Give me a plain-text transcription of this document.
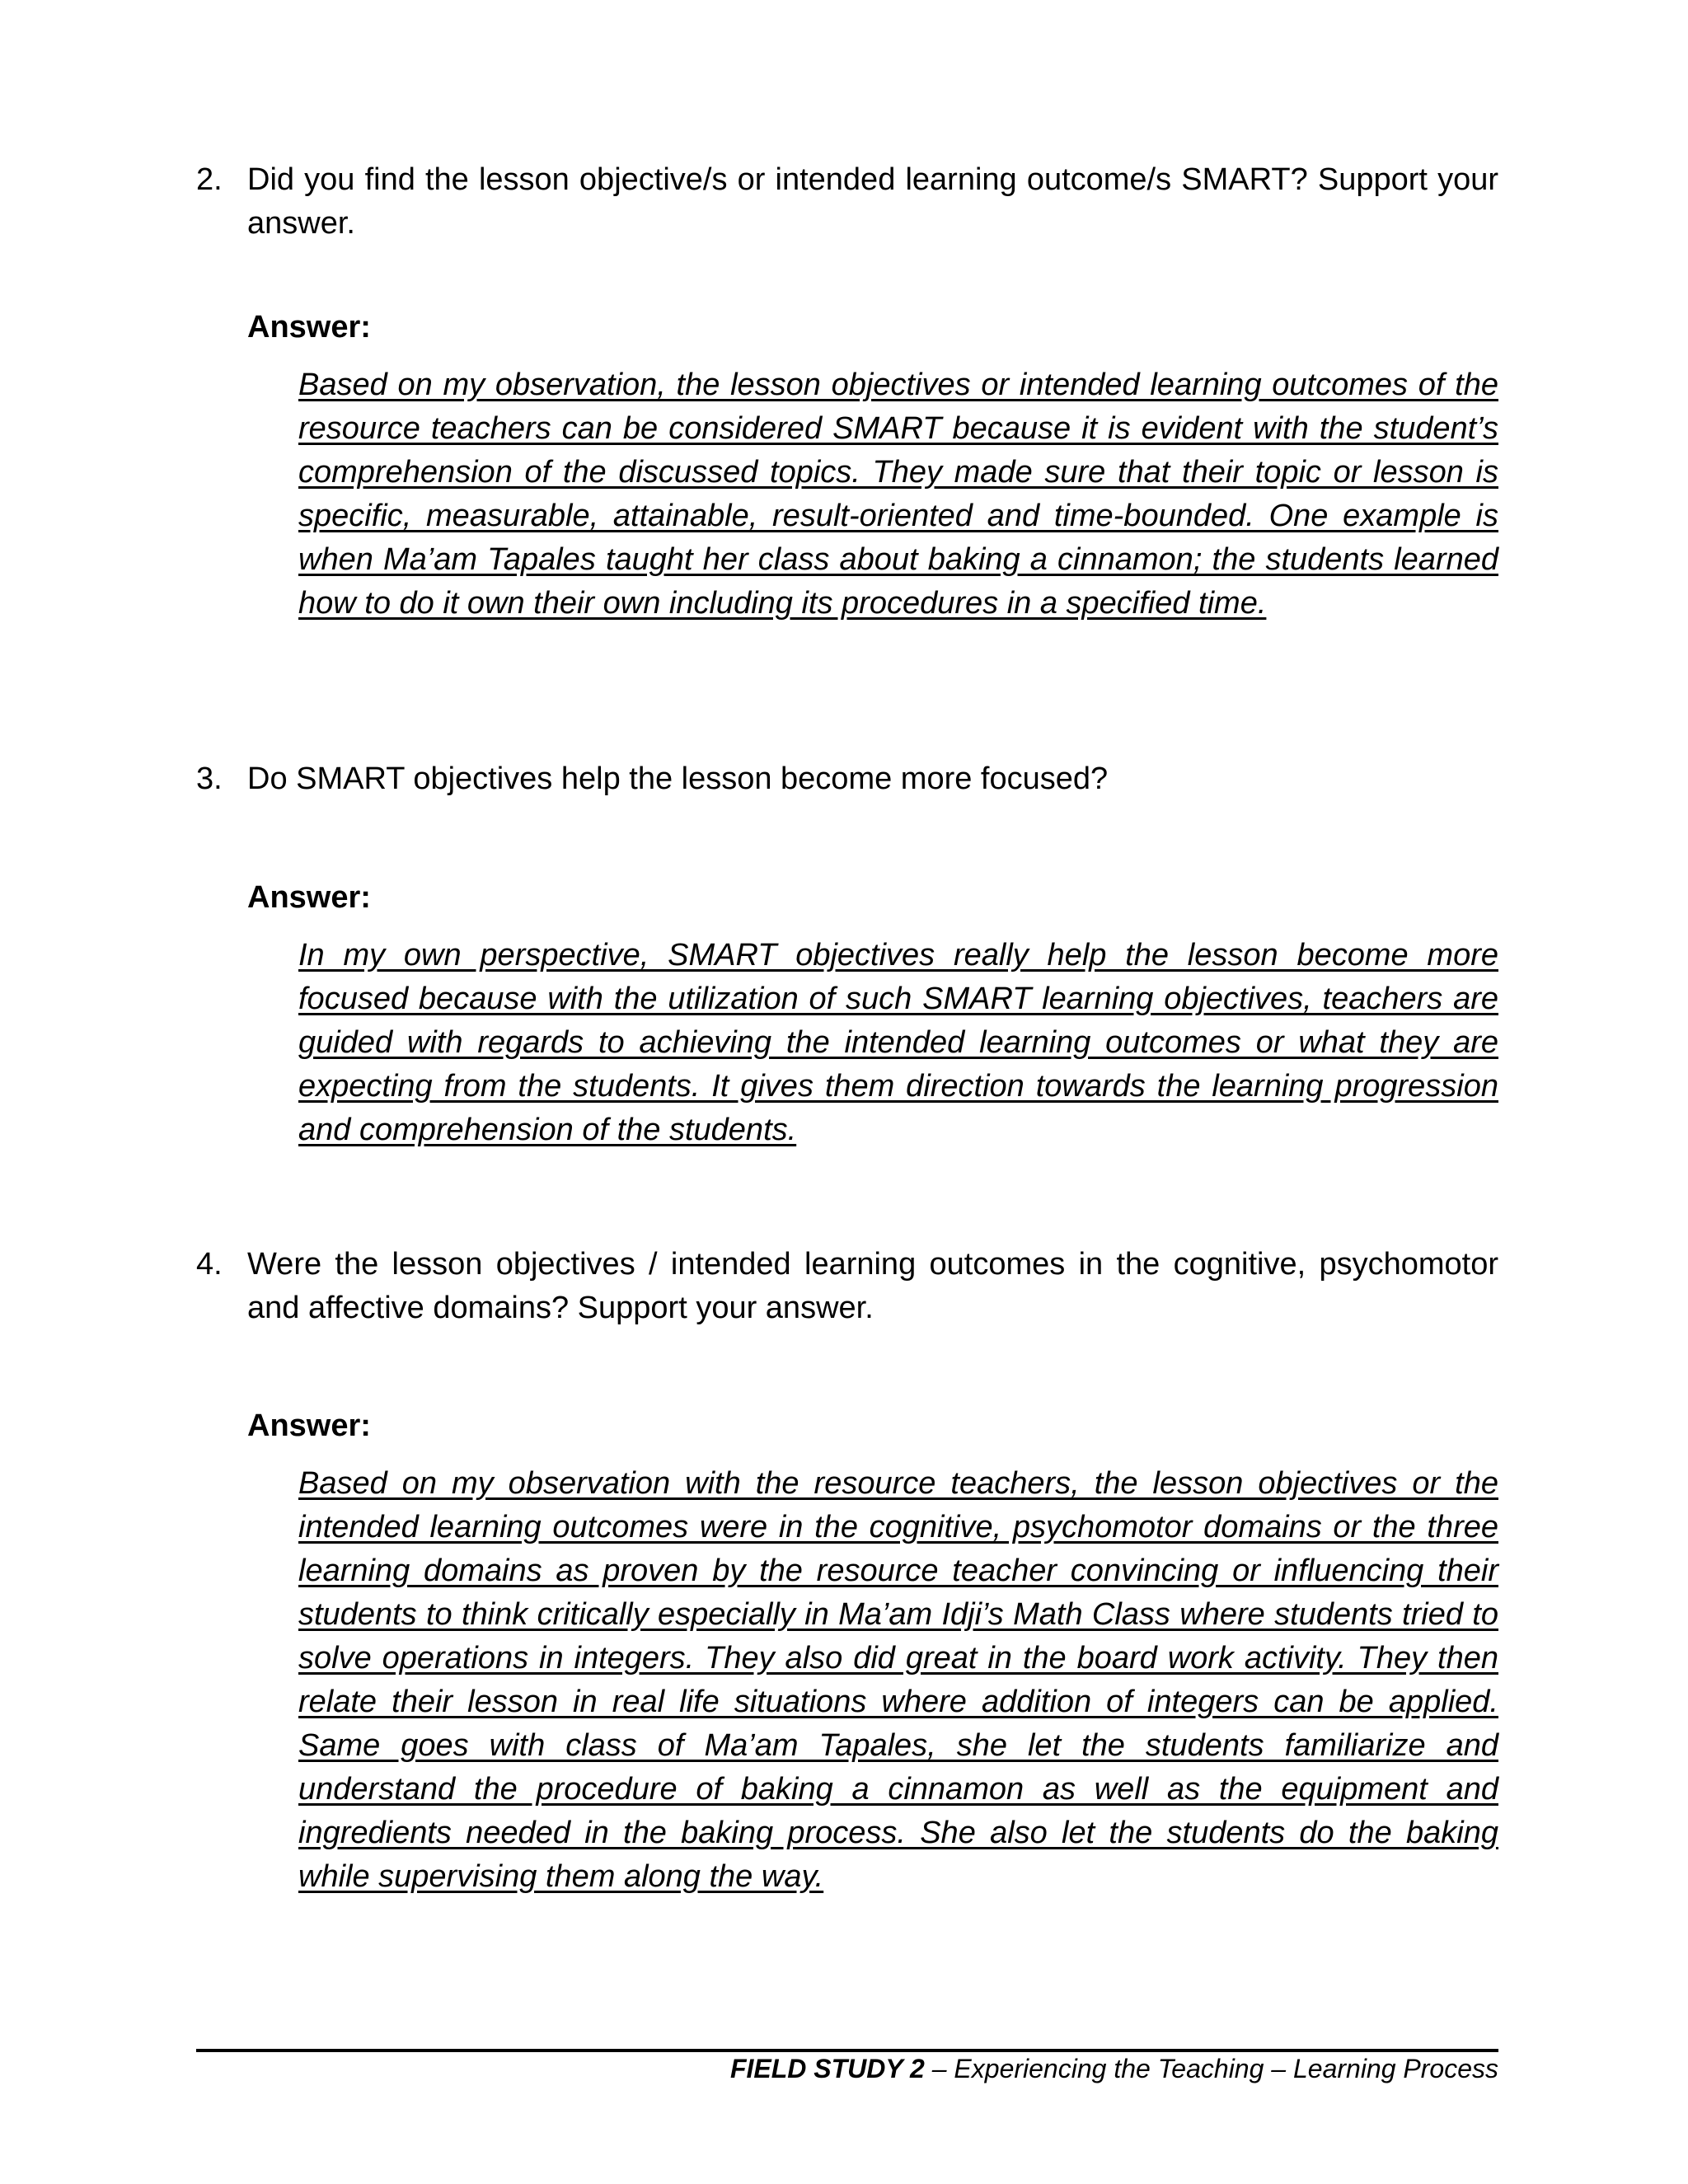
2. Did you find the lesson objective/s or intended learning outcome/s SMART? Support your answer.
Answer:
Based on my observation, the lesson objectives or intended learning outcomes of the resource teachers can be considered SMART because it is evident with the student’s comprehension of the discussed topics. They made sure that their topic or lesson is specific, measurable, attainable, result-oriented and time-bounded. One example is when Ma’am Tapales taught her class about baking a cinnamon; the students learned how to do it own their own including its procedures in a specified time.
3. Do SMART objectives help the lesson become more focused?
Answer:
In my own perspective, SMART objectives really help the lesson become more focused because with the utilization of such SMART learning objectives, teachers are guided with regards to achieving the intended learning outcomes or what they are expecting from the students. It gives them direction towards the learning progression and comprehension of the students.
4. Were the lesson objectives / intended learning outcomes in the cognitive, psychomotor and affective domains? Support your answer.
Answer:
Based on my observation with the resource teachers, the lesson objectives or the intended learning outcomes were in the cognitive, psychomotor domains or the three learning domains as proven by the resource teacher convincing or influencing their students to think critically especially in Ma’am Idji’s Math Class where students tried to solve operations in integers. They also did great in the board work activity. They then relate their lesson in real life situations where addition of integers can be applied. Same goes with class of Ma’am Tapales, she let the students familiarize and understand the procedure of baking a cinnamon as well as the equipment and ingredients needed in the baking process. She also let the students do the baking while supervising them along the way.
FIELD STUDY 2 – Experiencing the Teaching – Learning Process
